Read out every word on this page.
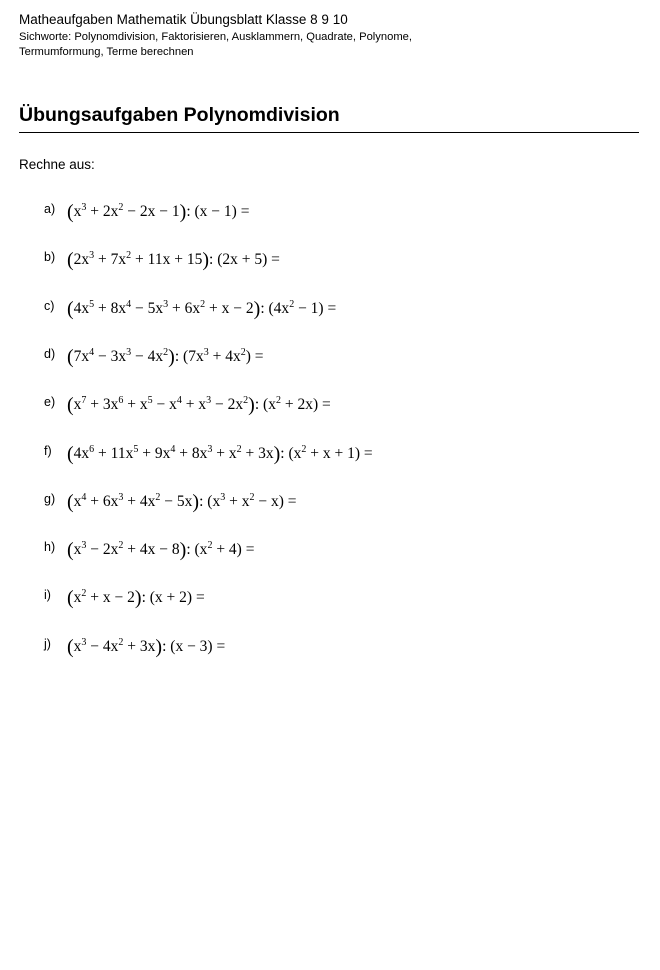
Matheaufgaben Mathematik Übungsblatt Klasse 8 9 10
Sichworte: Polynomdivision, Faktorisieren, Ausklammern, Quadrate, Polynome, Termumformung, Terme berechnen
Übungsaufgaben Polynomdivision
Rechne aus:
a) $(x^3 + 2x^2 - 2x - 1)$: (x − 1) =
b) $(2x^3 + 7x^2 + 11x + 15)$: (2x + 5) =
c) $(4x^5 + 8x^4 - 5x^3 + 6x^2 + x - 2)$: $(4x^2 - 1)$ =
d) $(7x^4 - 3x^3 - 4x^2)$: $(7x^3 + 4x^2)$ =
e) $(x^7 + 3x^6 + x^5 - x^4 + x^3 - 2x^2)$: $(x^2 + 2x)$ =
f) $(4x^6 + 11x^5 + 9x^4 + 8x^3 + x^2 + 3x)$: $(x^2 + x + 1)$ =
g) $(x^4 + 6x^3 + 4x^2 - 5x)$: $(x^3 + x^2 - x)$ =
h) $(x^3 - 2x^2 + 4x - 8)$: $(x^2 + 4)$ =
i) $(x^2 + x - 2)$: (x + 2) =
j) $(x^3 - 4x^2 + 3x)$: (x − 3) =
